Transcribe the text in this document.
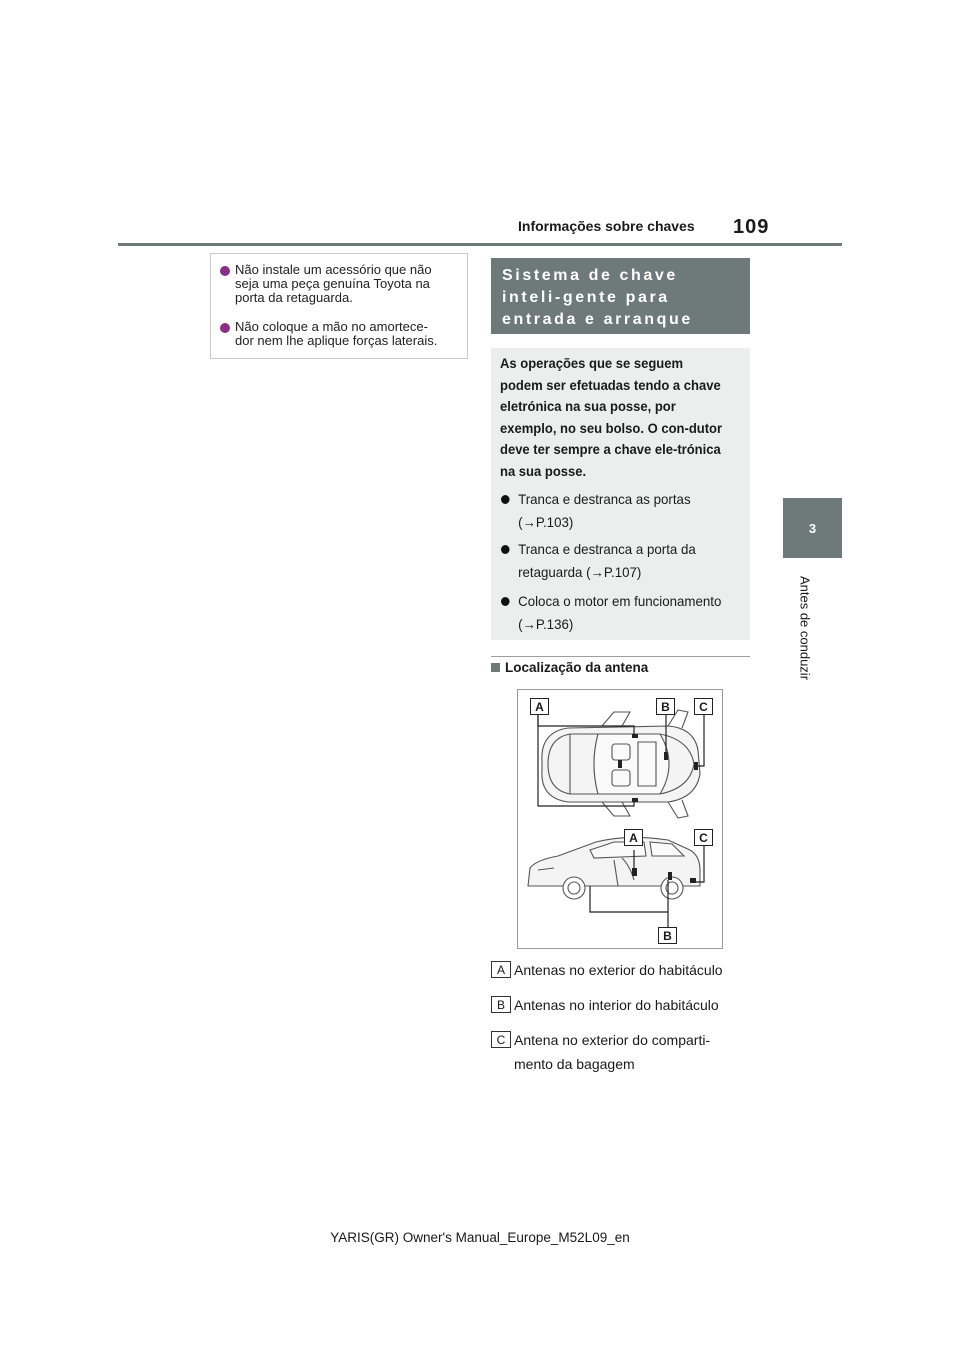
Informações sobre chaves 109
3
Antes de conduzir
Não instale um acessório que não
seja uma peça genuína Toyota na
porta da retaguarda.
Não coloque a mão no amortece-
dor nem lhe aplique forças laterais.
Sistema de chave inteli-gente para entrada e arranque
As operações que se seguem podem ser efetuadas tendo a chave eletrónica na sua posse, por exemplo, no seu bolso. O con-dutor deve ter sempre a chave ele-trónica na sua posse.
Tranca e destranca as portas
(→P.103)
Tranca e destranca a porta da
retaguarda (→P.107)
Coloca o motor em funcionamento
(→P.136)
Localização da antena
A	B	C
A	C
B
A Antenas no exterior do habitáculo
B Antenas no interior do habitáculo
C Antena no exterior do comparti-
mento da bagagem
YARIS(GR) Owner's Manual_Europe_M52L09_en
